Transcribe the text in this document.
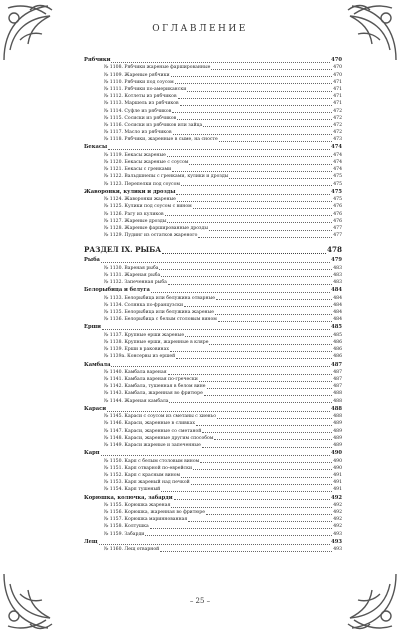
ОГЛАВЛЕНИЕ
Рябчики	470
№ 1108. Рябчики жареные фаршированные	470
№ 1109. Жареные рябчики	470
№ 1110. Рябчики под соусом	471
№ 1111. Рябчики по-американски	471
№ 1112. Котлеты из рябчиков	471
№ 1113. Маршель из рябчиков	471
№ 1114. Суфле из рябчиков	472
№ 1115. Сосиски из рябчиков	472
№ 1116. Сосиски из рябчиков или зайца	472
№ 1117. Масло из рябчиков	472
№ 1118. Рябчики, жаренные в сыме, на сносте	473
Бекасы	474
№ 1119. Бекасы жареные	474
№ 1120. Бекасы жареные с соусом	474
№ 1121. Бекасы с гренками	474
№ 1122. Вальдшнепы с гренками, кулики и дрозды	475
№ 1123. Перепелки под соусом	475
Жаворонки, кулики и дрозды	475
№ 1124. Жаворонки жареные	475
№ 1125. Кулики под соусом с вином	476
№ 1126. Рагу из куликов	476
№ 1127. Жареные дрозды	476
№ 1128. Жареные фаршированные дрозды	477
№ 1129. Пудинг из остатков жареного	477
РАЗДЕЛ IX. РЫБА	478
Рыба	479
№ 1130. Вареная рыба	483
№ 1131. Жареная рыба	483
№ 1132. Запеченная рыба	483
Белорыбица и белуга	484
№ 1133. Белорыбица или белужина отварные	484
№ 1134. Солянка по-французски	484
№ 1135. Белорыбица или белужина жареные	484
№ 1136. Белорыбица с белым столовым вином	484
Ерши	485
№ 1137. Крупные ерши жареные	485
№ 1138. Крупные ерши, жаренные в кляре	486
№ 1139. Ерши в раковинах	486
№ 1139а. Консервы из ершей	486
Камбала	487
№ 1140. Камбала вареная	487
№ 1141. Камбала вареная по-гречески	487
№ 1142. Камбала, тушенная в белом вине	487
№ 1143. Камбала, жаренная во фритюре	488
№ 1144. Жареная камбала	488
Караси	488
№ 1145. Караси с соусом из сметаны с хиеньо	488
№ 1146. Караси, жаренные в сливках	489
№ 1147. Караси, жаренные со сметаной	489
№ 1148. Караси, жаренные другим способом	489
№ 1149. Караси жареные и запеченные	489
Карп	490
№ 1150. Карп с белым столовым вином	490
№ 1151. Карп отварной по-еврейски	490
№ 1152. Карп с красным вином	491
№ 1153. Карп жареный над печкой	491
№ 1154. Карп тушеный	491
Корюшка, колючка, забарди	492
№ 1155. Корюшка жареная	492
№ 1156. Корюшка, жаренная во фритюре	492
№ 1157. Корюшка мариннованная	492
№ 1158. Колтушка	492
№ 1159. Забарди	493
Лещ	493
№ 1160. Лещ отварной	493
– 25 –
